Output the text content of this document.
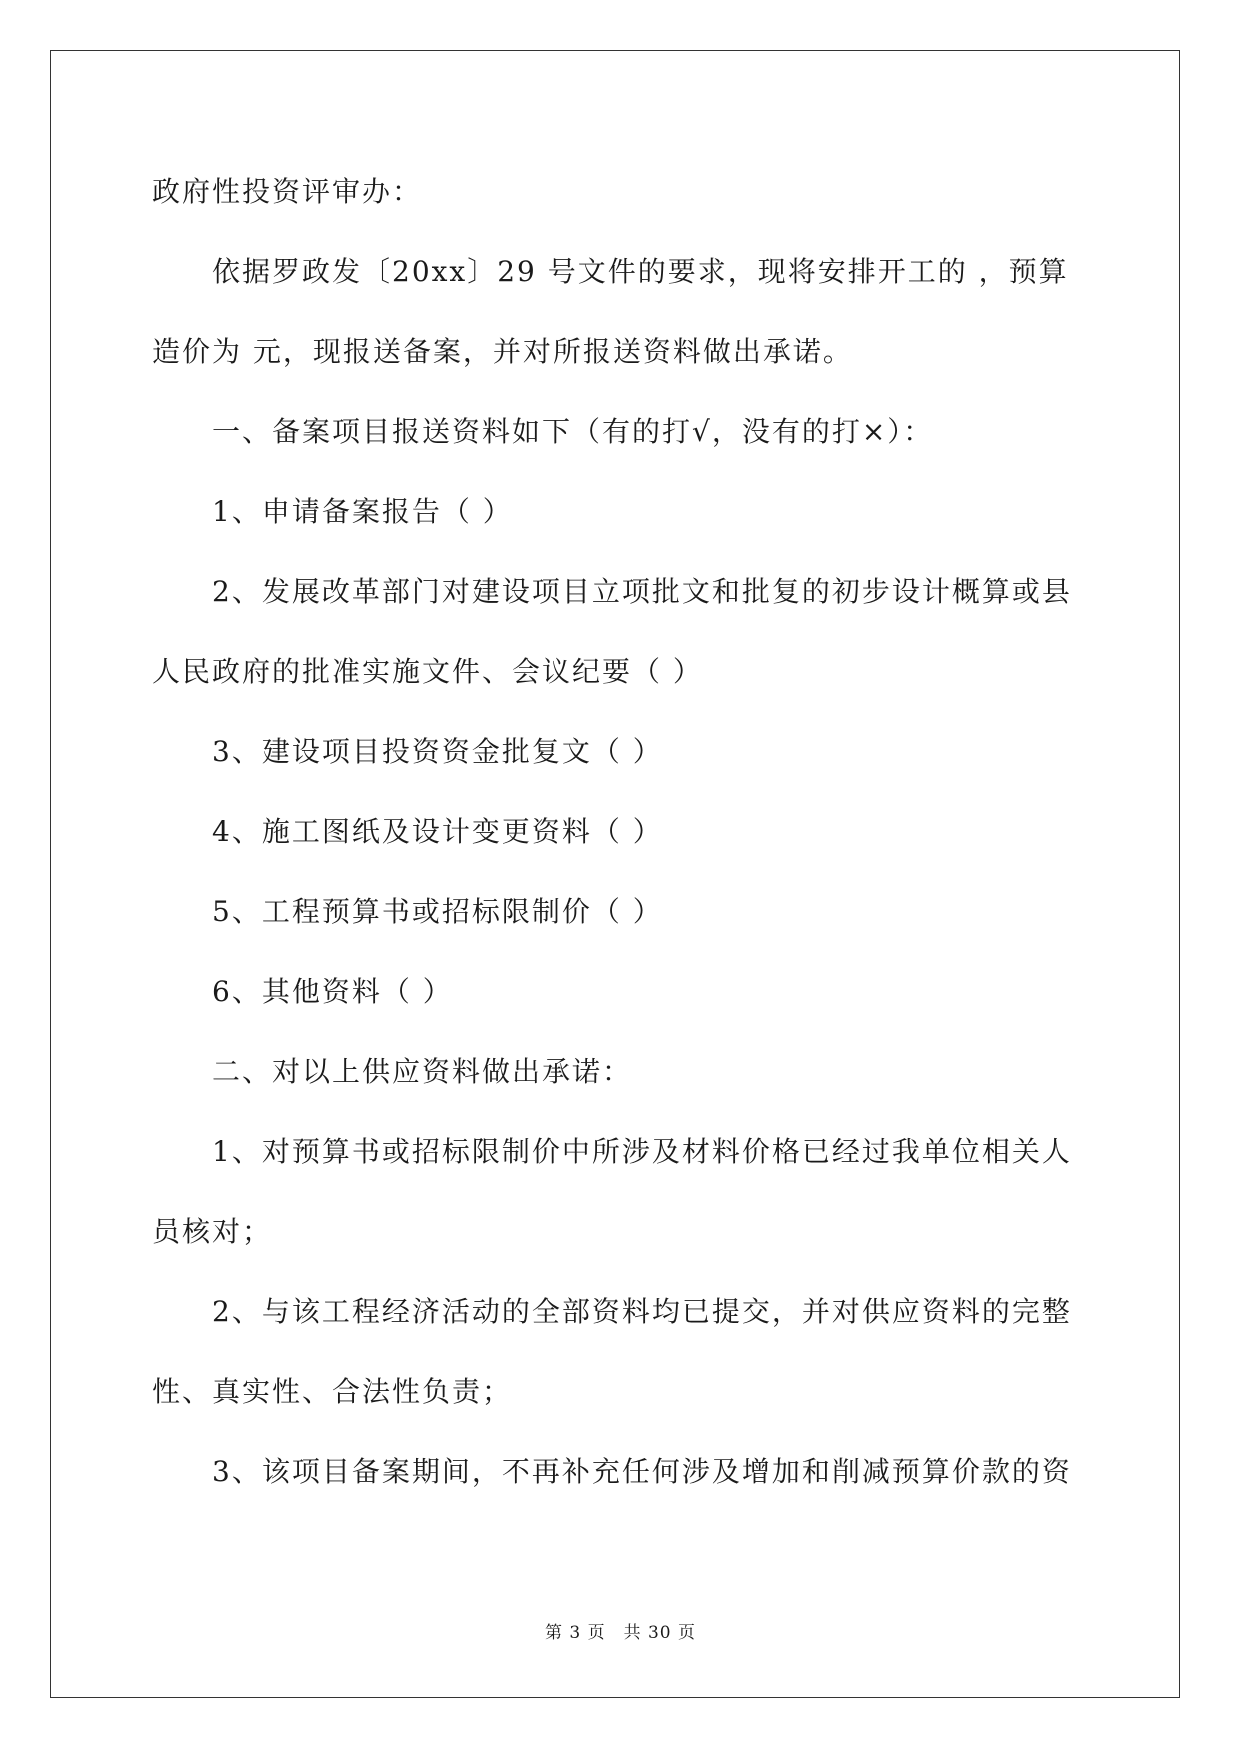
政府性投资评审办：
依据罗政发〔20xx〕29 号文件的要求，现将安排开工的 ，预算
造价为 元，现报送备案，并对所报送资料做出承诺。
一、备案项目报送资料如下（有的打√，没有的打×）：
1、申请备案报告（ ）
2、发展改革部门对建设项目立项批文和批复的初步设计概算或县
人民政府的批准实施文件、会议纪要（ ）
3、建设项目投资资金批复文（ ）
4、施工图纸及设计变更资料（ ）
5、工程预算书或招标限制价（ ）
6、其他资料（ ）
二、对以上供应资料做出承诺：
1、对预算书或招标限制价中所涉及材料价格已经过我单位相关人
员核对；
2、与该工程经济活动的全部资料均已提交，并对供应资料的完整
性、真实性、合法性负责；
3、该项目备案期间，不再补充任何涉及增加和削减预算价款的资
第 3 页　共 30 页
